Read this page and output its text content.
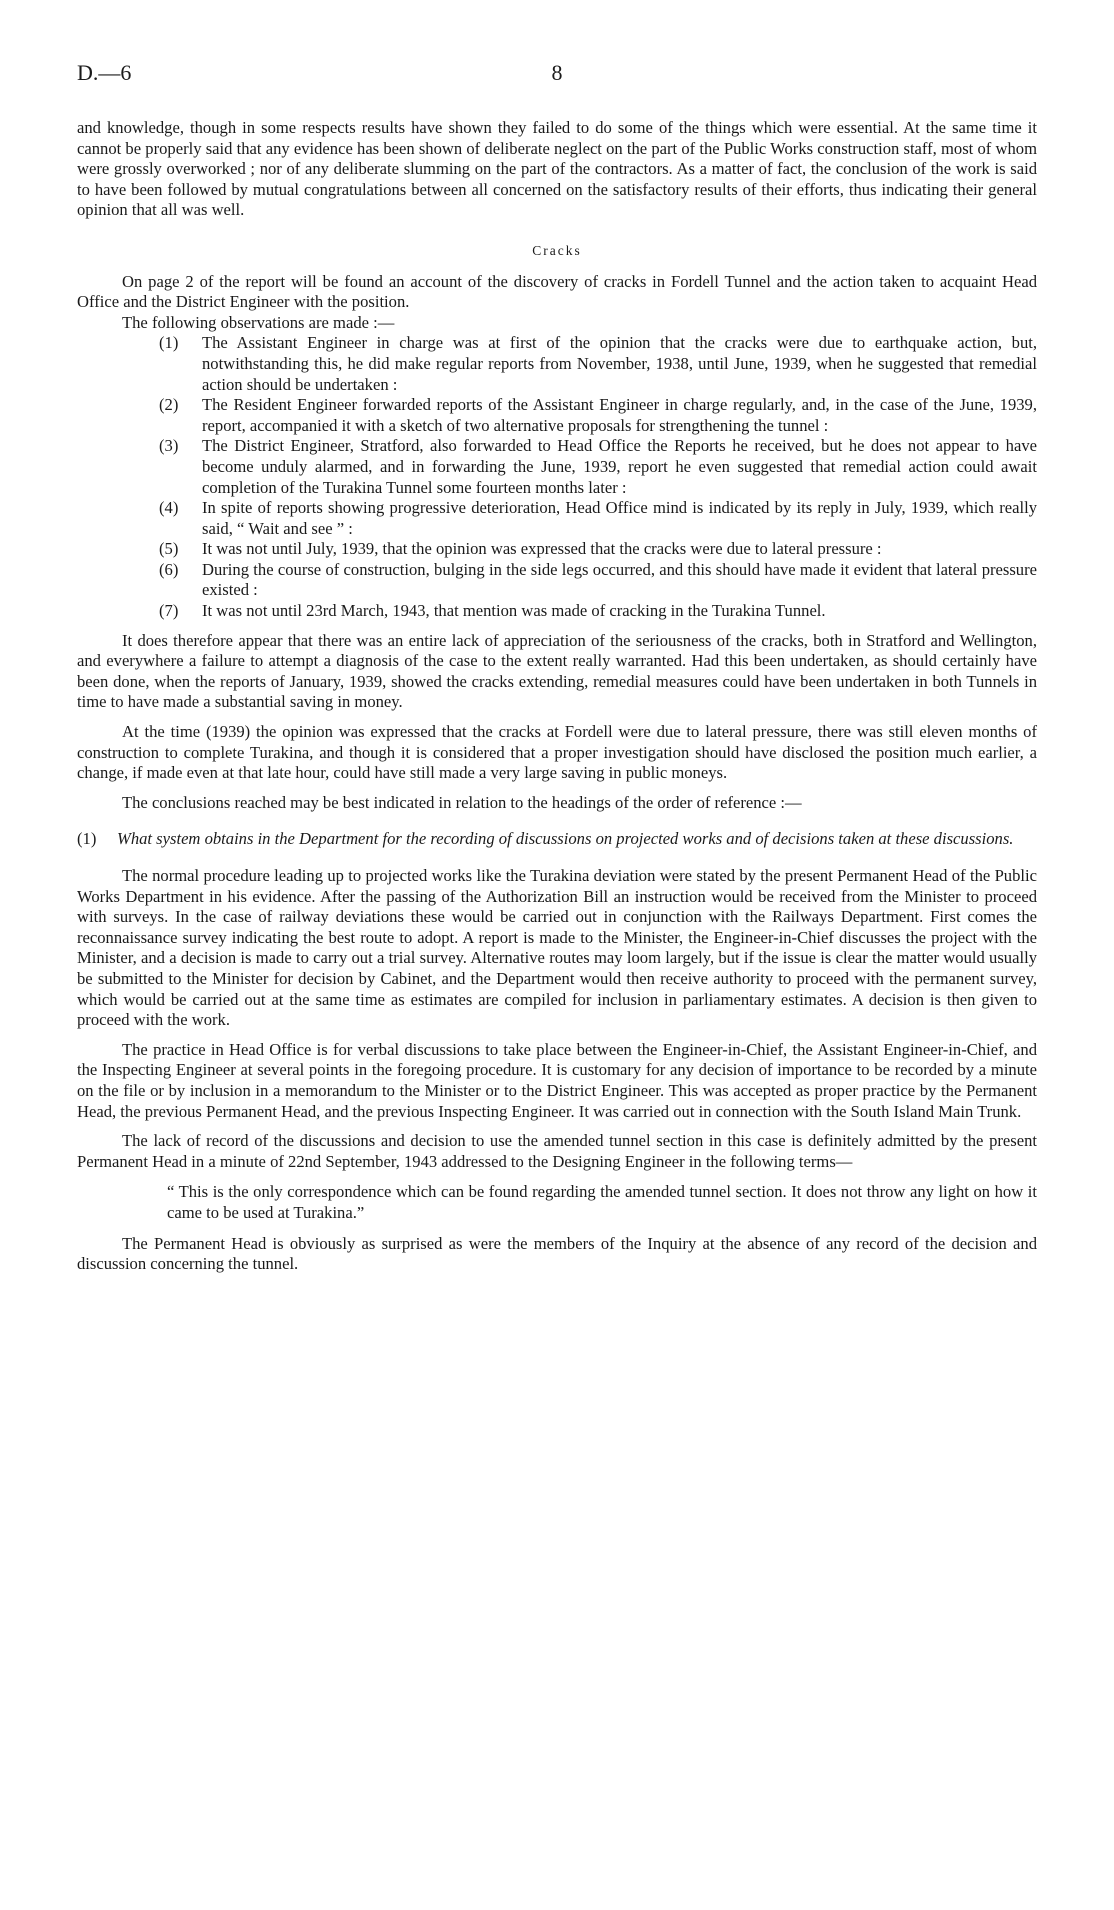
D.—6	8

and knowledge, though in some respects results have shown they failed to do some of the things which were essential. At the same time it cannot be properly said that any evidence has been shown of deliberate neglect on the part of the Public Works construction staff, most of whom were grossly overworked ; nor of any deliberate slumming on the part of the contractors. As a matter of fact, the conclusion of the work is said to have been followed by mutual congratulations between all concerned on the satisfactory results of their efforts, thus indicating their general opinion that all was well.

Cracks

On page 2 of the report will be found an account of the discovery of cracks in Fordell Tunnel and the action taken to acquaint Head Office and the District Engineer with the position.

The following observations are made :—

(1) The Assistant Engineer in charge was at first of the opinion that the cracks were due to earthquake action, but, notwithstanding this, he did make regular reports from November, 1938, until June, 1939, when he suggested that remedial action should be undertaken :
(2) The Resident Engineer forwarded reports of the Assistant Engineer in charge regularly, and, in the case of the June, 1939, report, accompanied it with a sketch of two alternative proposals for strengthening the tunnel :
(3) The District Engineer, Stratford, also forwarded to Head Office the Reports he received, but he does not appear to have become unduly alarmed, and in forwarding the June, 1939, report he even suggested that remedial action could await completion of the Turakina Tunnel some fourteen months later :
(4) In spite of reports showing progressive deterioration, Head Office mind is indicated by its reply in July, 1939, which really said, “ Wait and see ” :
(5) It was not until July, 1939, that the opinion was expressed that the cracks were due to lateral pressure :
(6) During the course of construction, bulging in the side legs occurred, and this should have made it evident that lateral pressure existed :
(7) It was not until 23rd March, 1943, that mention was made of cracking in the Turakina Tunnel.

It does therefore appear that there was an entire lack of appreciation of the seriousness of the cracks, both in Stratford and Wellington, and everywhere a failure to attempt a diagnosis of the case to the extent really warranted. Had this been undertaken, as should certainly have been done, when the reports of January, 1939, showed the cracks extending, remedial measures could have been undertaken in both Tunnels in time to have made a substantial saving in money.

At the time (1939) the opinion was expressed that the cracks at Fordell were due to lateral pressure, there was still eleven months of construction to complete Turakina, and though it is considered that a proper investigation should have disclosed the position much earlier, a change, if made even at that late hour, could have still made a very large saving in public moneys.

The conclusions reached may be best indicated in relation to the headings of the order of reference :—

(1) What system obtains in the Department for the recording of discussions on projected works and of decisions taken at these discussions.

The normal procedure leading up to projected works like the Turakina deviation were stated by the present Permanent Head of the Public Works Department in his evidence. After the passing of the Authorization Bill an instruction would be received from the Minister to proceed with surveys. In the case of railway deviations these would be carried out in conjunction with the Railways Department. First comes the reconnaissance survey indicating the best route to adopt. A report is made to the Minister, the Engineer-in-Chief discusses the project with the Minister, and a decision is made to carry out a trial survey. Alternative routes may loom largely, but if the issue is clear the matter would usually be submitted to the Minister for decision by Cabinet, and the Department would then receive authority to proceed with the permanent survey, which would be carried out at the same time as estimates are compiled for inclusion in parliamentary estimates. A decision is then given to proceed with the work.

The practice in Head Office is for verbal discussions to take place between the Engineer-in-Chief, the Assistant Engineer-in-Chief, and the Inspecting Engineer at several points in the foregoing procedure. It is customary for any decision of importance to be recorded by a minute on the file or by inclusion in a memorandum to the Minister or to the District Engineer. This was accepted as proper practice by the Permanent Head, the previous Permanent Head, and the previous Inspecting Engineer. It was carried out in connection with the South Island Main Trunk.

The lack of record of the discussions and decision to use the amended tunnel section in this case is definitely admitted by the present Permanent Head in a minute of 22nd September, 1943 addressed to the Designing Engineer in the following terms—

“ This is the only correspondence which can be found regarding the amended tunnel section. It does not throw any light on how it came to be used at Turakina.”

The Permanent Head is obviously as surprised as were the members of the Inquiry at the absence of any record of the decision and discussion concerning the tunnel.
